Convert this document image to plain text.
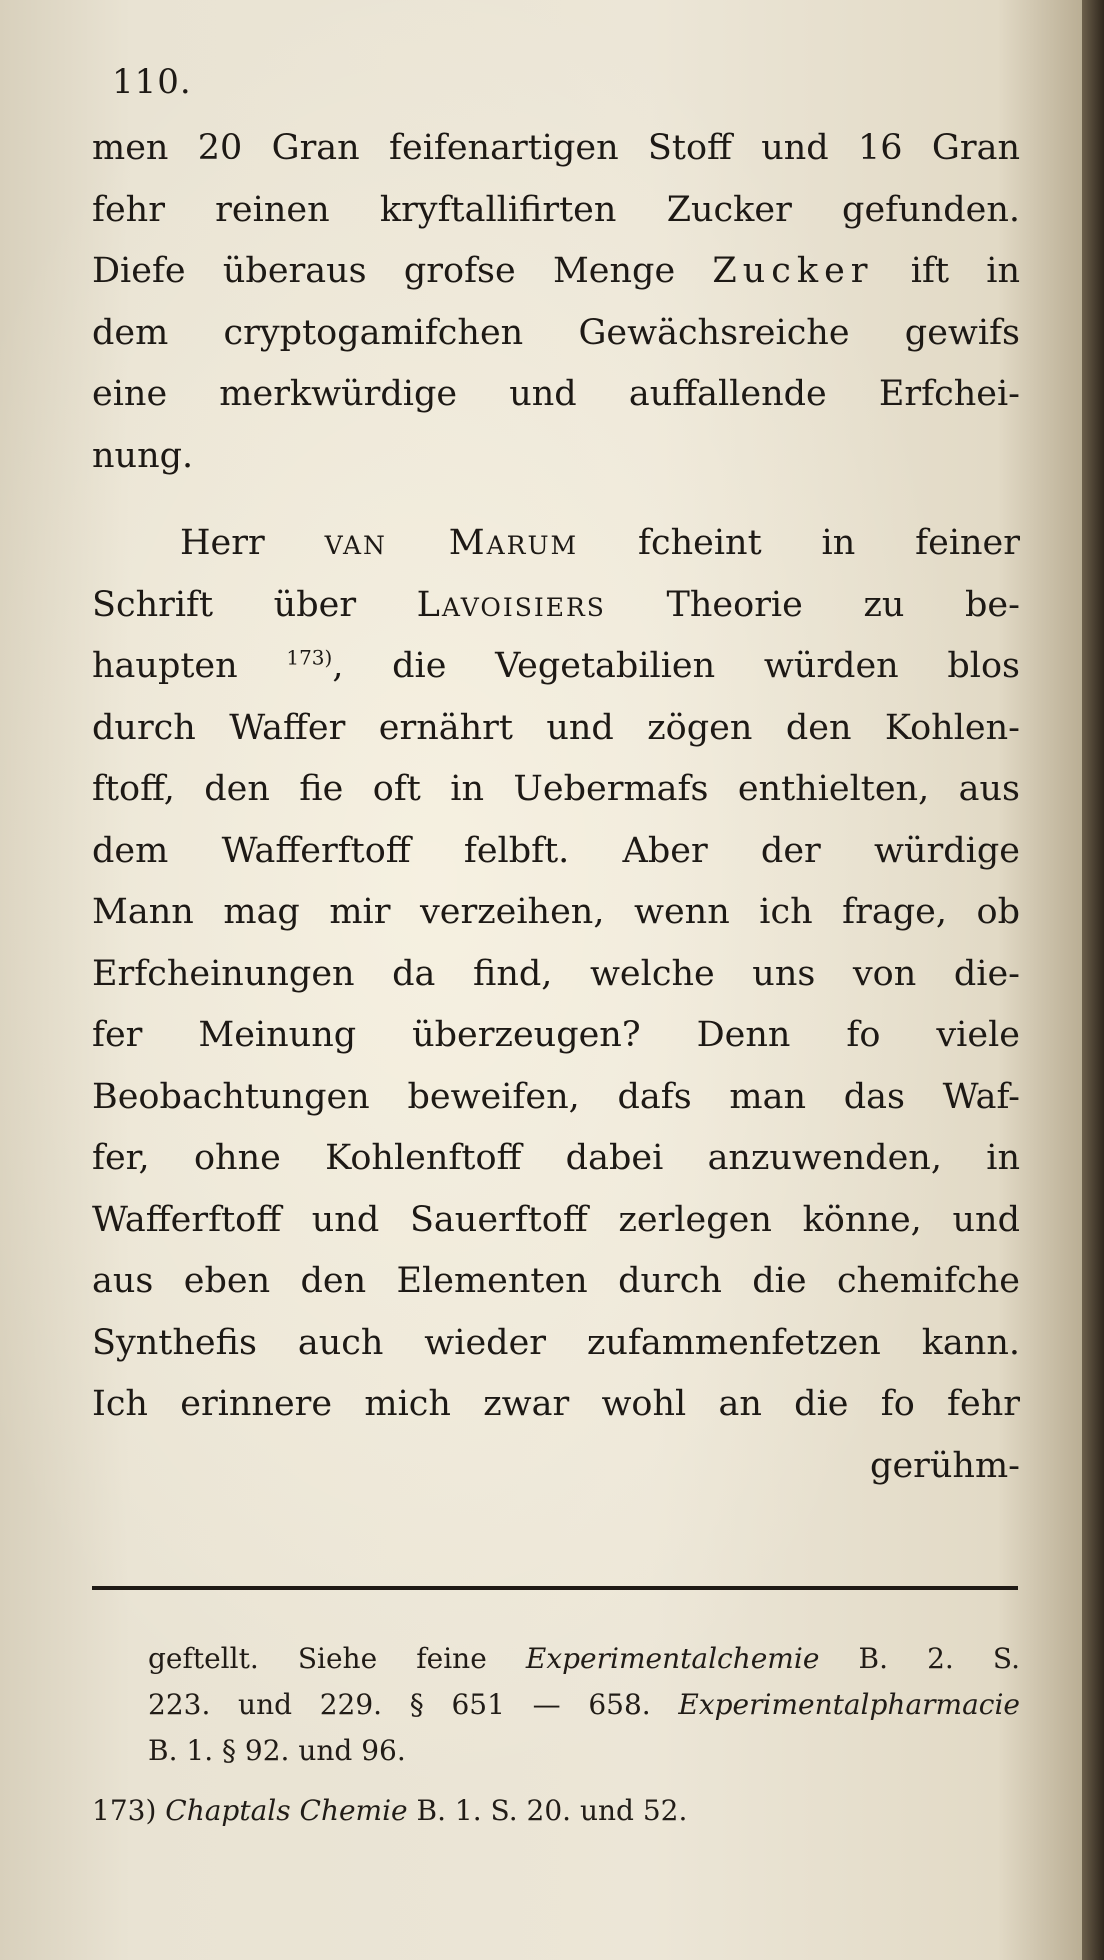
110.
men 20 Gran feifenartigen Stoff und 16 Gran
fehr reinen kryftallifirten Zucker gefunden.
Diefe überaus grofse Menge Zucker ift in
dem cryptogamifchen Gewächsreiche gewifs
eine merkwürdige und auffallende Erfchei-
nung.
Herr van Marum fcheint in feiner
Schrift über Lavoisiers Theorie zu be-
haupten $^{173)}$, die Vegetabilien würden blos
durch Waffer ernährt und zögen den Kohlen-
ftoff, den fie oft in Uebermafs enthielten, aus
dem Wafferftoff felbft. Aber der würdige
Mann mag mir verzeihen, wenn ich frage, ob
Erfcheinungen da find, welche uns von die-
fer Meinung überzeugen? Denn fo viele
Beobachtungen beweifen, dafs man das Waf-
fer, ohne Kohlenftoff dabei anzuwenden, in
Wafferftoff und Sauerftoff zerlegen könne, und
aus eben den Elementen durch die chemifche
Synthefis auch wieder zufammenfetzen kann.
Ich erinnere mich zwar wohl an die fo fehr
gerühm-
geftellt. Siehe feine Experimentalchemie B. 2. S.
223. und 229. § 651 — 658. Experimentalpharmacie
B. 1. § 92. und 96.
173) Chaptals Chemie B. 1. S. 20. und 52.
